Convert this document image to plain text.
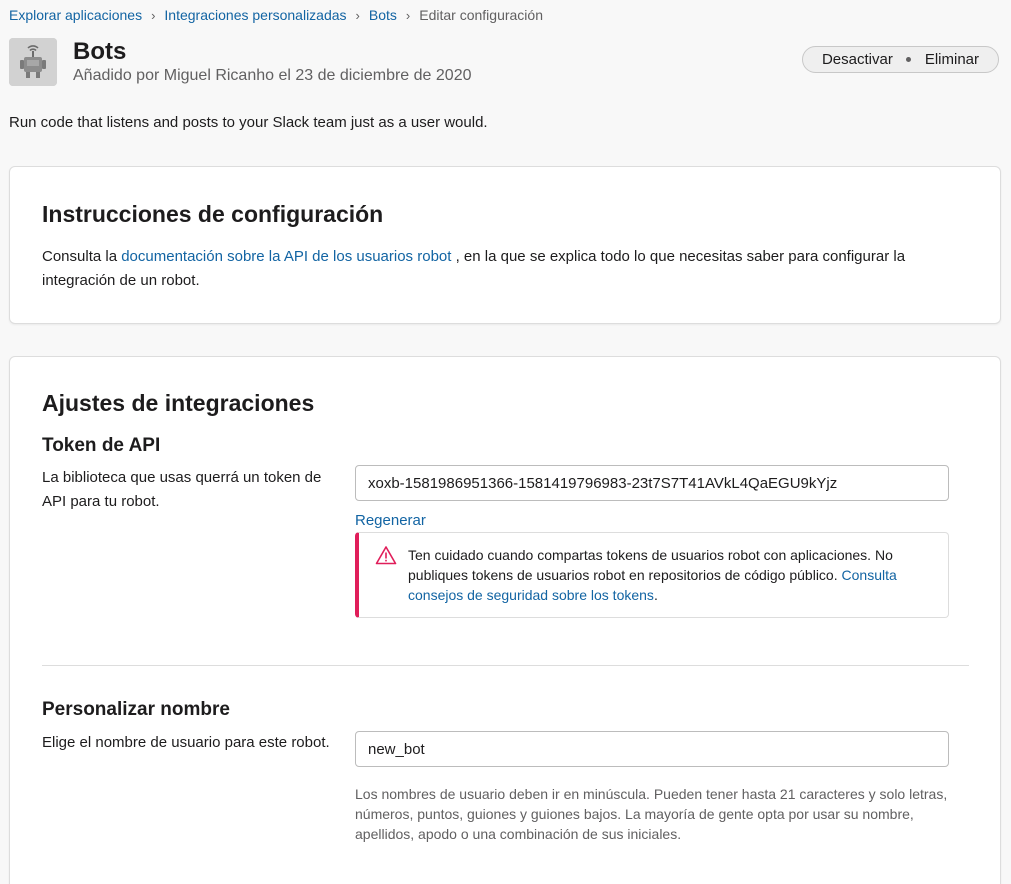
Explorar aplicaciones › Integraciones personalizadas › Bots › Editar configuración
Bots
Añadido por Miguel Ricanho el 23 de diciembre de 2020
Desactivar Eliminar
Run code that listens and posts to your Slack team just as a user would.
Instrucciones de configuración

Consulta la documentación sobre la API de los usuarios robot , en la que se explica todo lo que necesitas saber para configurar la integración de un robot.

Ajustes de integraciones
Token de API
La biblioteca que usas querrá un token de API para tu robot.
xoxb-1581986951366-1581419796983-23t7S7T41AVkL4QaEGU9kYjz
Regenerar
Ten cuidado cuando compartas tokens de usuarios robot con aplicaciones. No publiques tokens de usuarios robot en repositorios de código público. Consulta consejos de seguridad sobre los tokens.
Personalizar nombre
Elige el nombre de usuario para este robot.
new_bot
Los nombres de usuario deben ir en minúscula. Pueden tener hasta 21 caracteres y solo letras, números, puntos, guiones y guiones bajos. La mayoría de gente opta por usar su nombre, apellidos, apodo o una combinación de sus iniciales.
